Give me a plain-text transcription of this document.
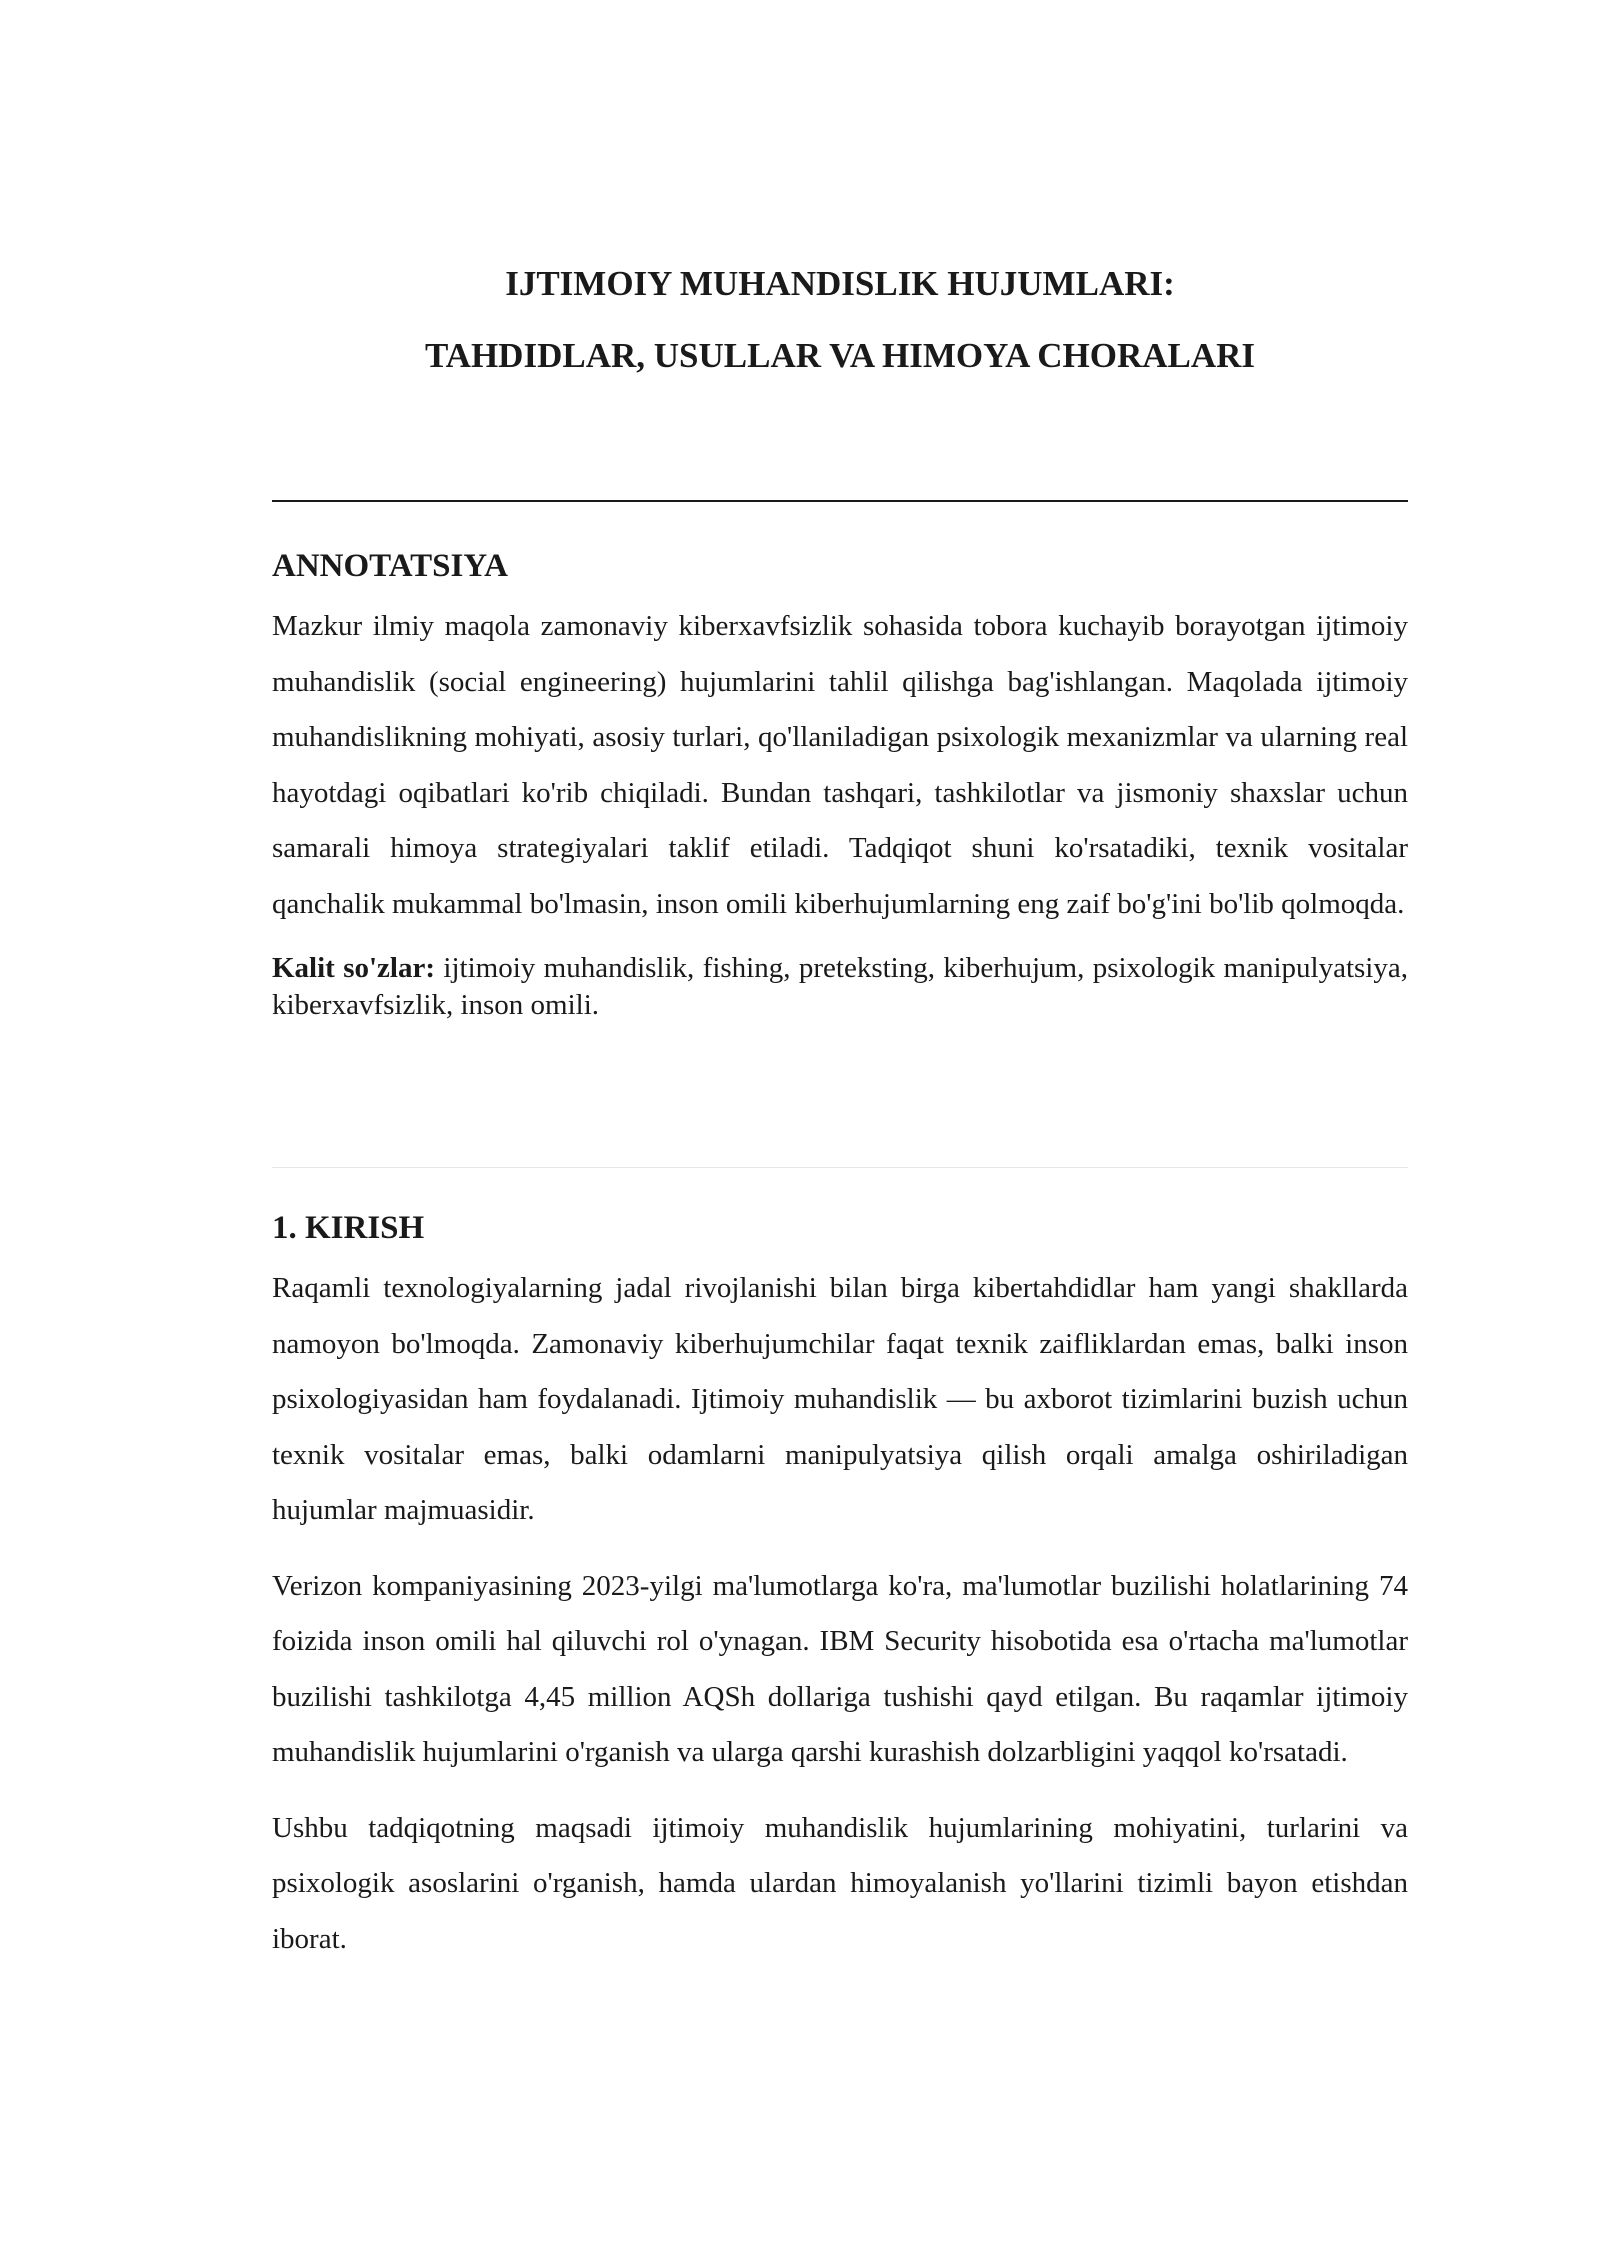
IJTIMOIY MUHANDISLIK HUJUMLARI:

TAHDIDLAR, USULLAR VA HIMOYA CHORALARI

ANNOTATSIYA

Mazkur ilmiy maqola zamonaviy kiberxavfsizlik sohasida tobora kuchayib borayotgan ijtimoiy muhandislik (social engineering) hujumlarini tahlil qilishga bag'ishlangan. Maqolada ijtimoiy muhandislikning mohiyati, asosiy turlari, qo'llaniladigan psixologik mexanizmlar va ularning real hayotdagi oqibatlari ko'rib chiqiladi. Bundan tashqari, tashkilotlar va jismoniy shaxslar uchun samarali himoya strategiyalari taklif etiladi. Tadqiqot shuni ko'rsatadiki, texnik vositalar qanchalik mukammal bo'lmasin, inson omili kiberhujumlarning eng zaif bo'g'ini bo'lib qolmoqda.

Kalit so'zlar: ijtimoiy muhandislik, fishing, preteksting, kiberhujum, psixologik manipulyatsiya, kiberxavfsizlik, inson omili.

1. KIRISH

Raqamli texnologiyalarning jadal rivojlanishi bilan birga kibertahdidlar ham yangi shakllarda namoyon bo'lmoqda. Zamonaviy kiberhujumchilar faqat texnik zaifliklardan emas, balki inson psixologiyasidan ham foydalanadi. Ijtimoiy muhandislik — bu axborot tizimlarini buzish uchun texnik vositalar emas, balki odamlarni manipulyatsiya qilish orqali amalga oshiriladigan hujumlar majmuasidir.

Verizon kompaniyasining 2023-yilgi ma'lumotlarga ko'ra, ma'lumotlar buzilishi holatlarining 74 foizida inson omili hal qiluvchi rol o'ynagan. IBM Security hisobotida esa o'rtacha ma'lumotlar buzilishi tashkilotga 4,45 million AQSh dollariga tushishi qayd etilgan. Bu raqamlar ijtimoiy muhandislik hujumlarini o'rganish va ularga qarshi kurashish dolzarbligini yaqqol ko'rsatadi.

Ushbu tadqiqotning maqsadi ijtimoiy muhandislik hujumlarining mohiyatini, turlarini va psixologik asoslarini o'rganish, hamda ulardan himoyalanish yo'llarini tizimli bayon etishdan iborat.
